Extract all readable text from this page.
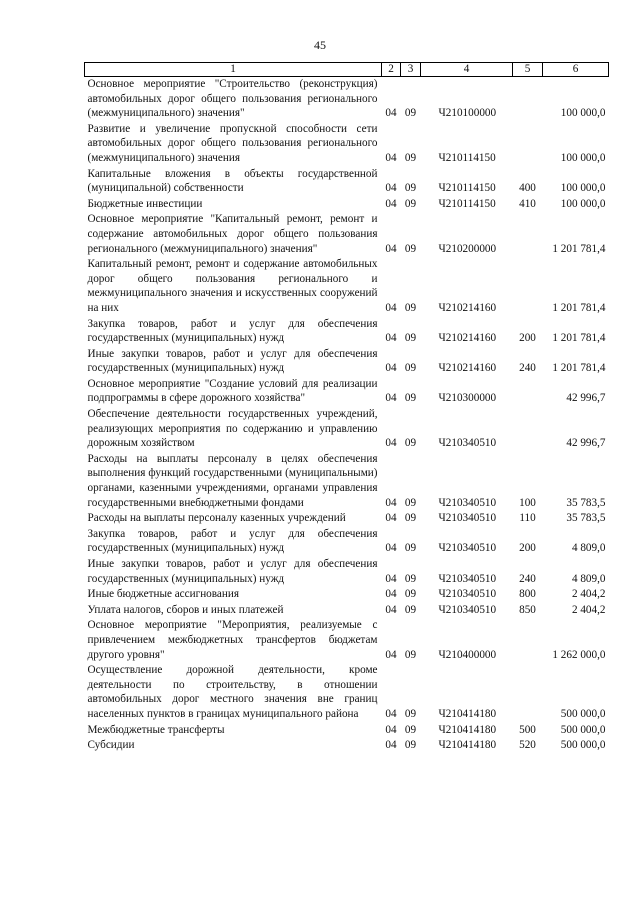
45
1	2	3	4	5	6
Основное мероприятие "Строительство (реконструкция) автомобильных дорог общего пользования регионального (межмуниципального) значения"	04	09	Ч210100000		100 000,0
Развитие и увеличение пропускной способности сети автомобильных дорог общего пользования регионального (межмуниципального) значения	04	09	Ч210114150		100 000,0
Капитальные вложения в объекты государственной (муниципальной) собственности	04	09	Ч210114150	400	100 000,0
Бюджетные инвестиции	04	09	Ч210114150	410	100 000,0
Основное мероприятие "Капитальный ремонт, ремонт и содержание автомобильных дорог общего пользования регионального (межмуниципального) значения"	04	09	Ч210200000		1 201 781,4
Капитальный ремонт, ремонт и содержание автомобильных дорог общего пользования регионального и межмуниципального значения и искусственных сооружений на них	04	09	Ч210214160		1 201 781,4
Закупка товаров, работ и услуг для обеспечения государственных (муниципальных) нужд	04	09	Ч210214160	200	1 201 781,4
Иные закупки товаров, работ и услуг для обеспечения государственных (муниципальных) нужд	04	09	Ч210214160	240	1 201 781,4
Основное мероприятие "Создание условий для реализации подпрограммы в сфере дорожного хозяйства"	04	09	Ч210300000		42 996,7
Обеспечение деятельности государственных учреждений, реализующих мероприятия по содержанию и управлению дорожным хозяйством	04	09	Ч210340510		42 996,7
Расходы на выплаты персоналу в целях обеспечения выполнения функций государственными (муниципальными) органами, казенными учреждениями, органами управления государственными внебюджетными фондами	04	09	Ч210340510	100	35 783,5
Расходы на выплаты персоналу казенных учреждений	04	09	Ч210340510	110	35 783,5
Закупка товаров, работ и услуг для обеспечения государственных (муниципальных) нужд	04	09	Ч210340510	200	4 809,0
Иные закупки товаров, работ и услуг для обеспечения государственных (муниципальных) нужд	04	09	Ч210340510	240	4 809,0
Иные бюджетные ассигнования	04	09	Ч210340510	800	2 404,2
Уплата налогов, сборов и иных платежей	04	09	Ч210340510	850	2 404,2
Основное мероприятие "Мероприятия, реализуемые с привлечением межбюджетных трансфертов бюджетам другого уровня"	04	09	Ч210400000		1 262 000,0
Осуществление дорожной деятельности, кроме деятельности по строительству, в отношении автомобильных дорог местного значения вне границ населенных пунктов в границах муниципального района	04	09	Ч210414180		500 000,0
Межбюджетные трансферты	04	09	Ч210414180	500	500 000,0
Субсидии	04	09	Ч210414180	520	500 000,0
